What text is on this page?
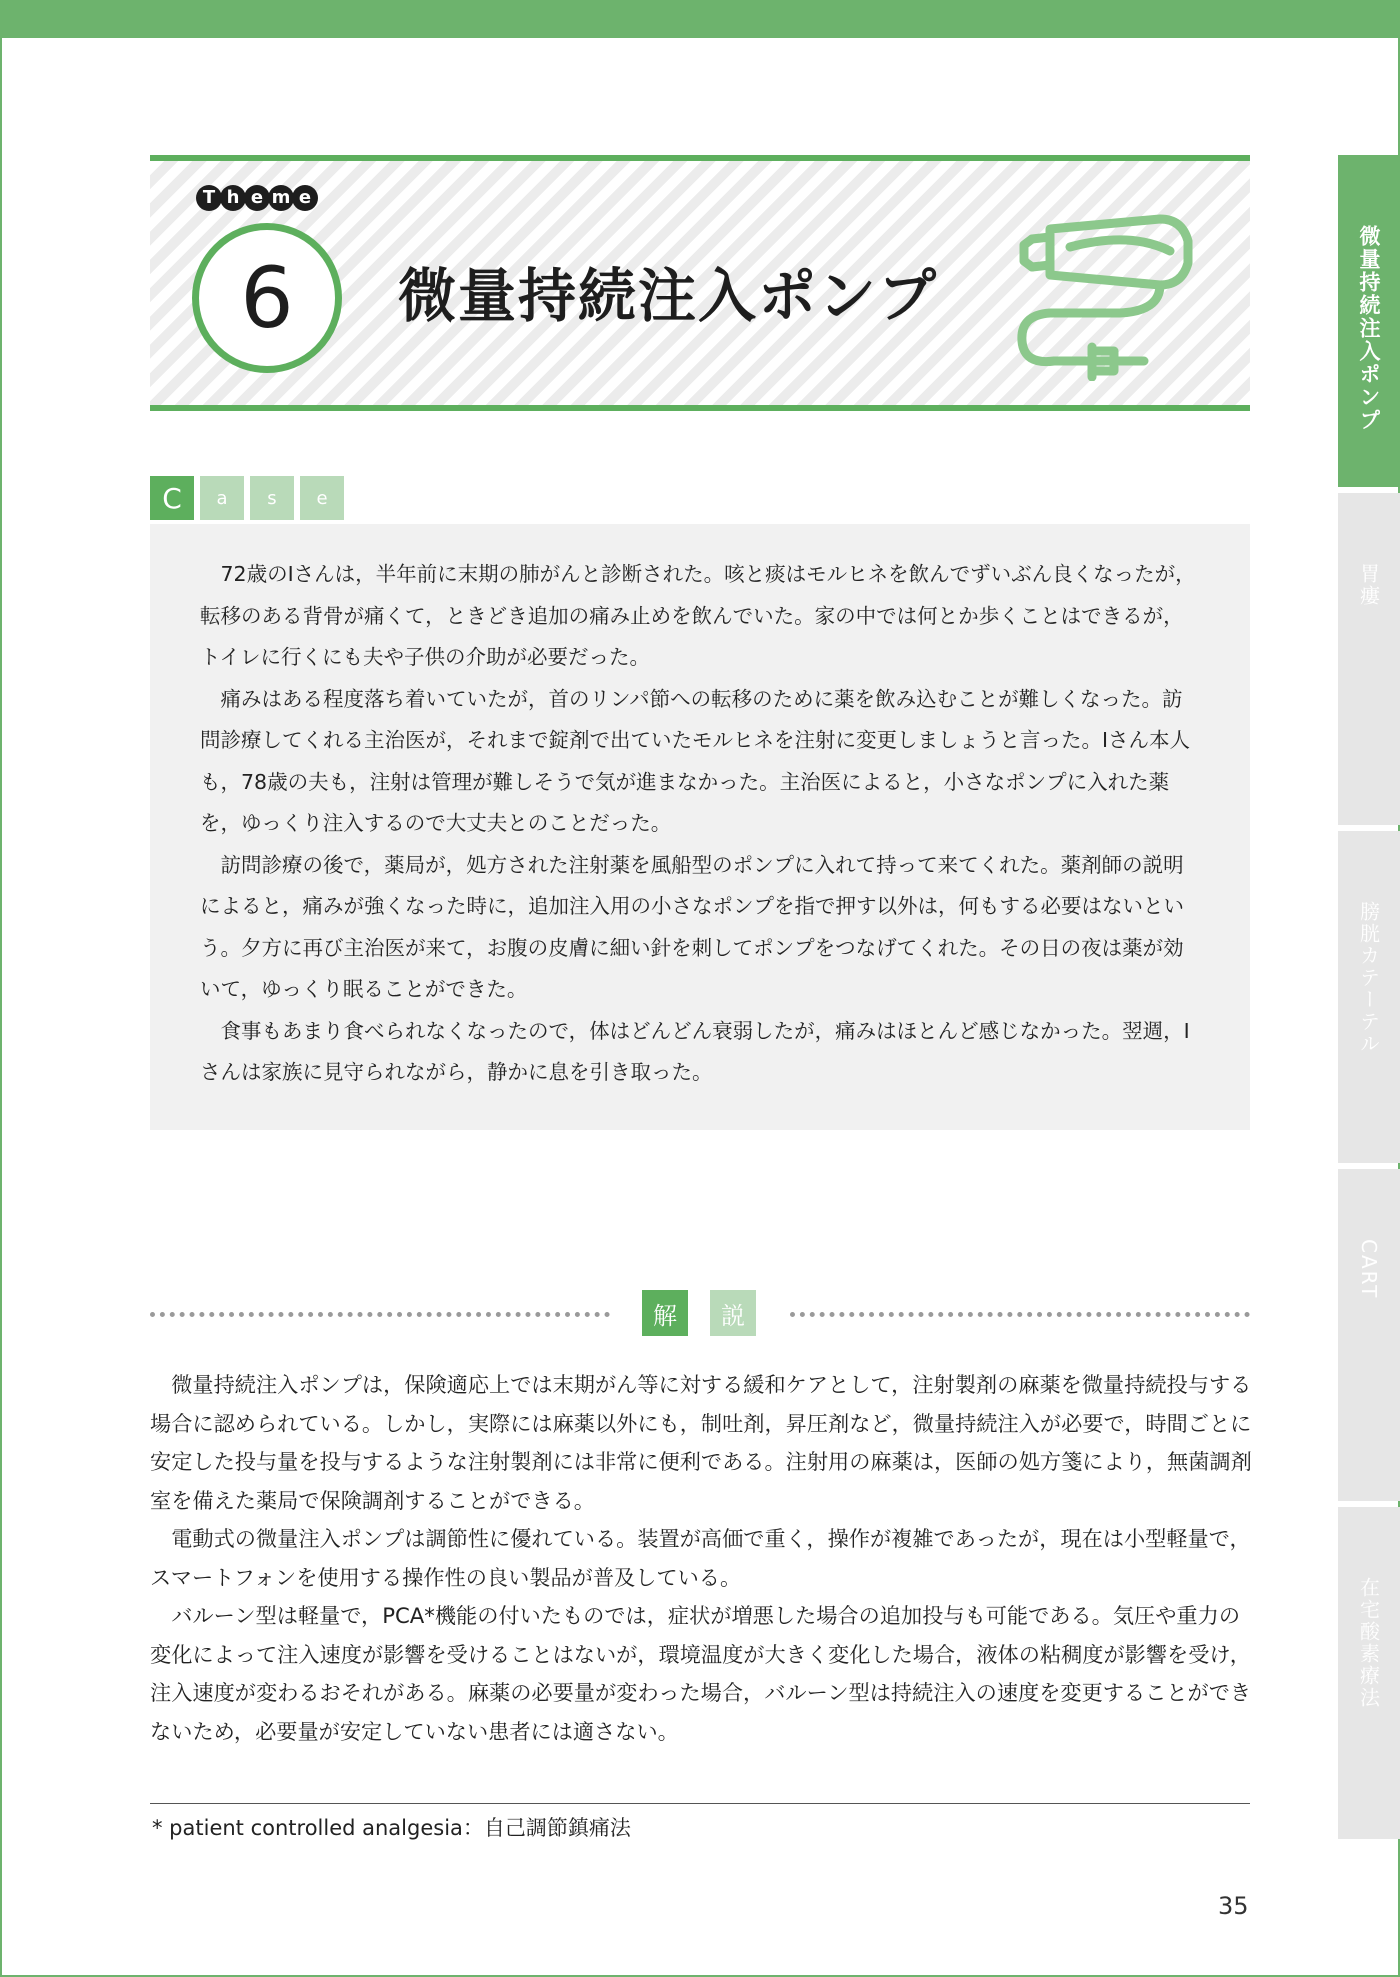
T h e m e
6 微量持続注入ポンプ	微量持続注入ポンプ
胃瘻
膀胱カテーテル
CART
在宅酸素療法
C	a	s	e

72歳のIさんは，半年前に末期の肺がんと診断された。咳と痰はモルヒネを飲んでずいぶん良くなったが，転移のある背骨が痛くて，ときどき追加の痛み止めを飲んでいた。家の中では何とか歩くことはできるが，トイレに行くにも夫や子供の介助が必要だった。

痛みはある程度落ち着いていたが，首のリンパ節への転移のために薬を飲み込むことが難しくなった。訪問診療してくれる主治医が，それまで錠剤で出ていたモルヒネを注射に変更しましょうと言った。Iさん本人も，78歳の夫も，注射は管理が難しそうで気が進まなかった。主治医によると，小さなポンプに入れた薬を，ゆっくり注入するので大丈夫とのことだった。

訪問診療の後で，薬局が，処方された注射薬を風船型のポンプに入れて持って来てくれた。薬剤師の説明によると，痛みが強くなった時に，追加注入用の小さなポンプを指で押す以外は，何もする必要はないという。夕方に再び主治医が来て，お腹の皮膚に細い針を刺してポンプをつなげてくれた。その日の夜は薬が効いて，ゆっくり眠ることができた。

食事もあまり食べられなくなったので，体はどんどん衰弱したが，痛みはほとんど感じなかった。翌週，Iさんは家族に見守られながら，静かに息を引き取った。

解	説

微量持続注入ポンプは，保険適応上では末期がん等に対する緩和ケアとして，注射製剤の麻薬を微量持続投与する場合に認められている。しかし，実際には麻薬以外にも，制吐剤，昇圧剤など，微量持続注入が必要で，時間ごとに安定した投与量を投与するような注射製剤には非常に便利である。注射用の麻薬は，医師の処方箋により，無菌調剤室を備えた薬局で保険調剤することができる。

電動式の微量注入ポンプは調節性に優れている。装置が高価で重く，操作が複雑であったが，現在は小型軽量で，スマートフォンを使用する操作性の良い製品が普及している。

バルーン型は軽量で，PCA*機能の付いたものでは，症状が増悪した場合の追加投与も可能である。気圧や重力の変化によって注入速度が影響を受けることはないが，環境温度が大きく変化した場合，液体の粘稠度が影響を受け，注入速度が変わるおそれがある。麻薬の必要量が変わった場合，バルーン型は持続注入の速度を変更することができないため，必要量が安定していない患者には適さない。

* patient controlled analgesia：自己調節鎮痛法
35
